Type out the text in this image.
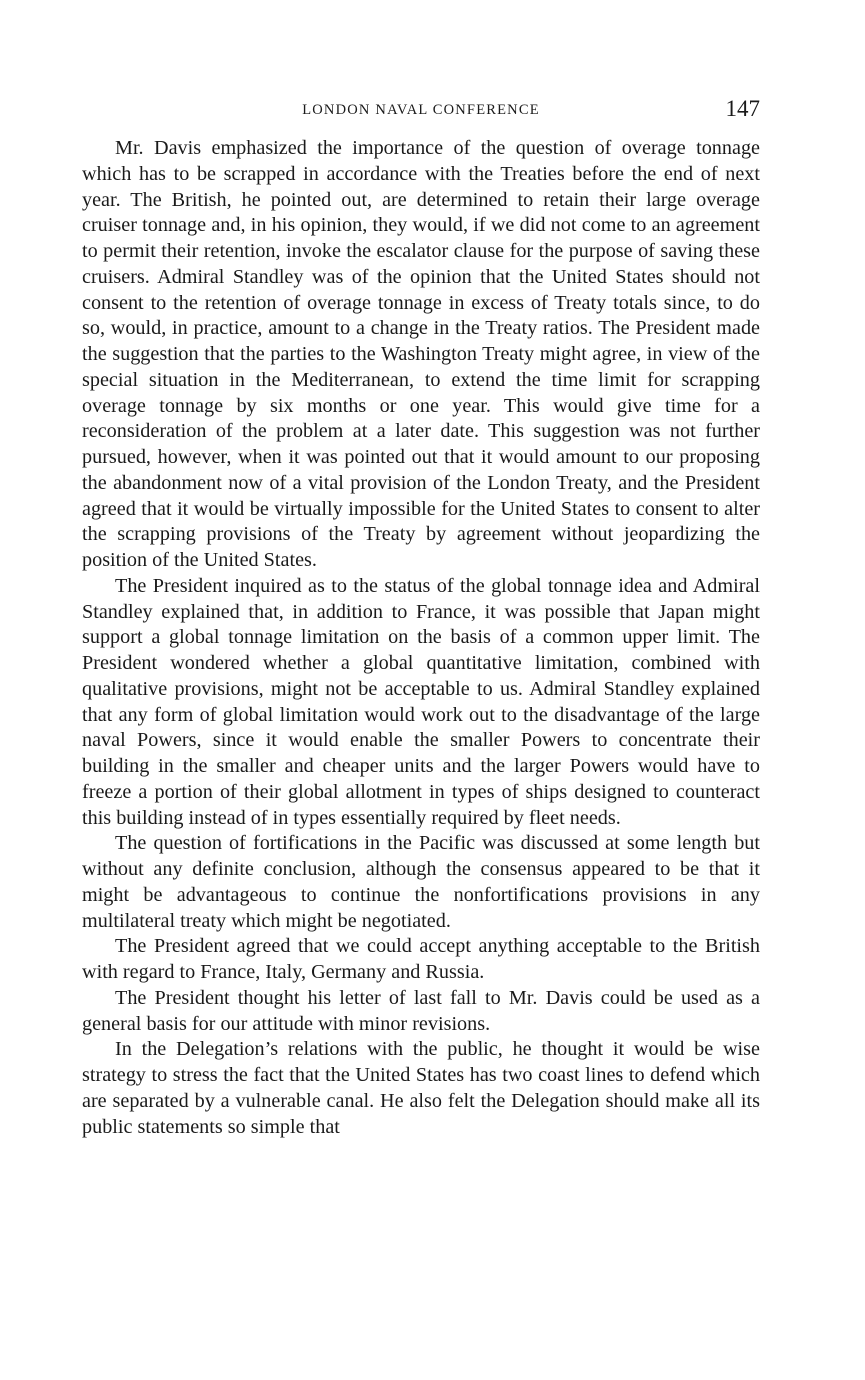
LONDON NAVAL CONFERENCE	147

Mr. Davis emphasized the importance of the question of overage tonnage which has to be scrapped in accordance with the Treaties before the end of next year. The British, he pointed out, are determined to retain their large overage cruiser tonnage and, in his opinion, they would, if we did not come to an agreement to permit their retention, invoke the escalator clause for the purpose of saving these cruisers. Admiral Standley was of the opinion that the United States should not consent to the retention of overage tonnage in excess of Treaty totals since, to do so, would, in practice, amount to a change in the Treaty ratios. The President made the suggestion that the parties to the Washington Treaty might agree, in view of the special situation in the Mediterranean, to extend the time limit for scrapping overage tonnage by six months or one year. This would give time for a reconsideration of the problem at a later date. This suggestion was not further pursued, however, when it was pointed out that it would amount to our proposing the abandonment now of a vital provision of the London Treaty, and the President agreed that it would be virtually impossible for the United States to consent to alter the scrapping provisions of the Treaty by agreement without jeopardizing the position of the United States.

The President inquired as to the status of the global tonnage idea and Admiral Standley explained that, in addition to France, it was possible that Japan might support a global tonnage limitation on the basis of a common upper limit. The President wondered whether a global quantitative limitation, combined with qualitative provisions, might not be acceptable to us. Admiral Standley explained that any form of global limitation would work out to the disadvantage of the large naval Powers, since it would enable the smaller Powers to concentrate their building in the smaller and cheaper units and the larger Powers would have to freeze a portion of their global allotment in types of ships designed to counteract this building instead of in types essentially required by fleet needs.

The question of fortifications in the Pacific was discussed at some length but without any definite conclusion, although the consensus appeared to be that it might be advantageous to continue the nonfortifications provisions in any multilateral treaty which might be negotiated.

The President agreed that we could accept anything acceptable to the British with regard to France, Italy, Germany and Russia.

The President thought his letter of last fall to Mr. Davis could be used as a general basis for our attitude with minor revisions.

In the Delegation’s relations with the public, he thought it would be wise strategy to stress the fact that the United States has two coast lines to defend which are separated by a vulnerable canal. He also felt the Delegation should make all its public statements so simple that
